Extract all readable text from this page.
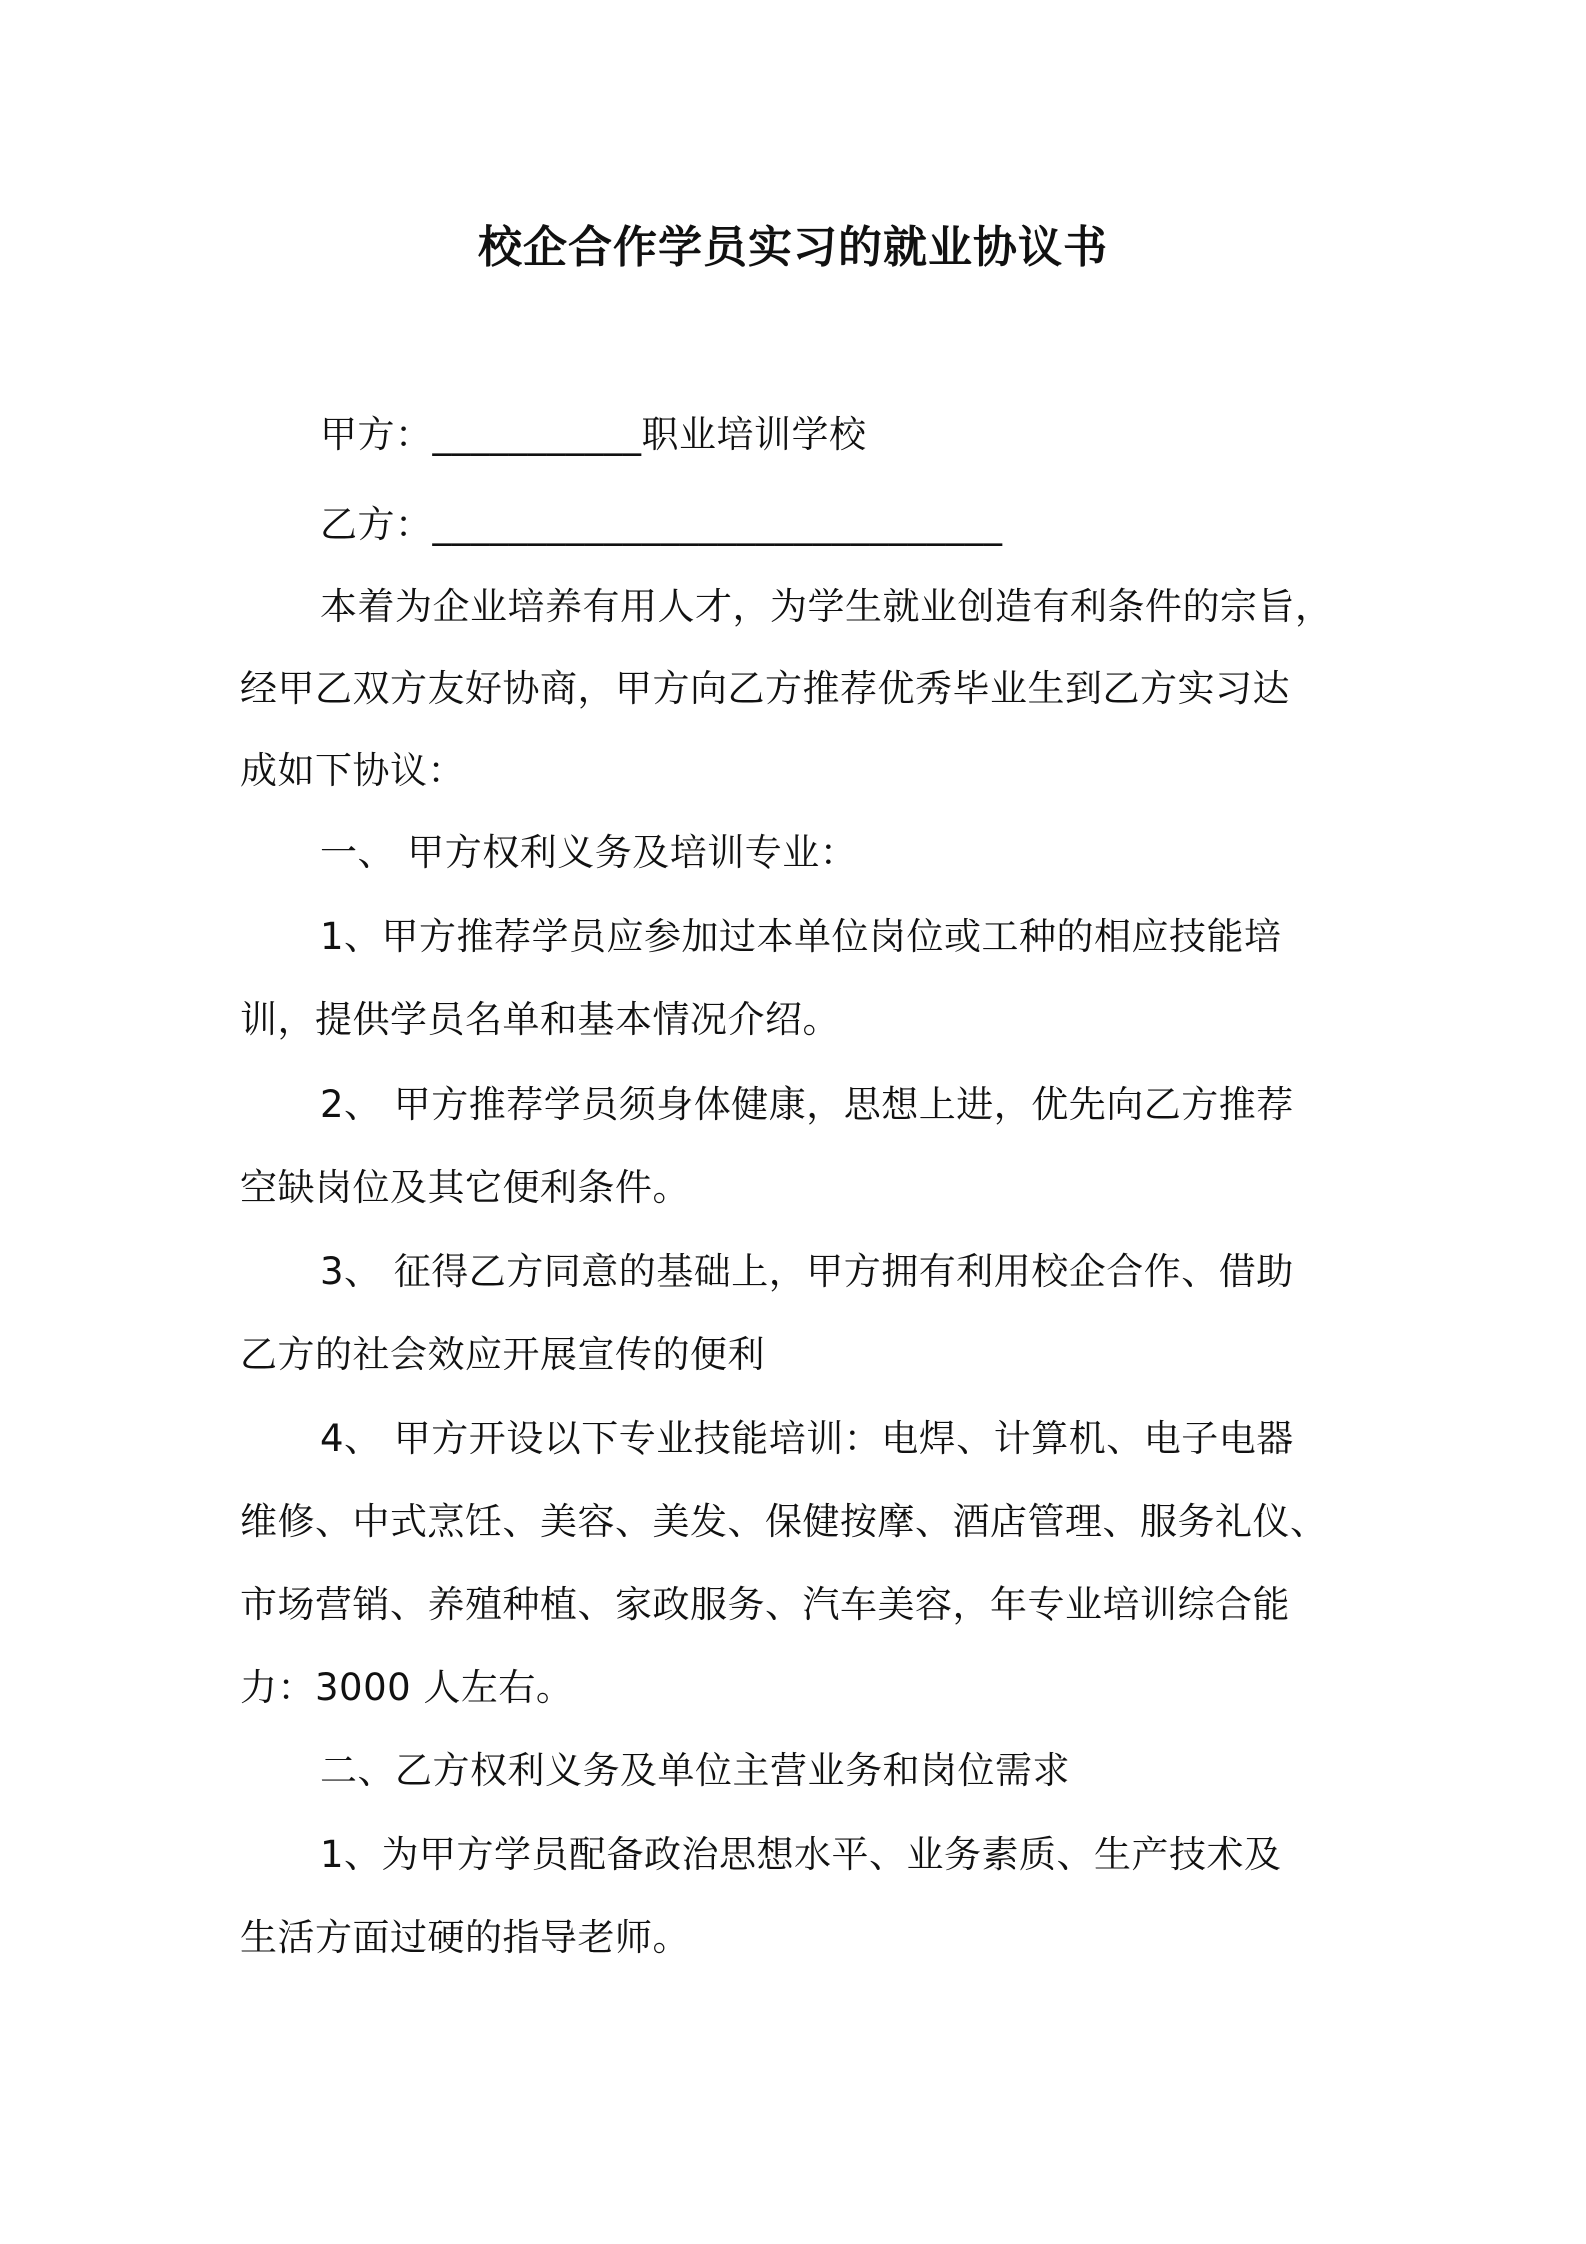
校企合作学员实习的就业协议书
甲方：___________职业培训学校
乙方：______________________________
本着为企业培养有用人才，为学生就业创造有利条件的宗旨，
经甲乙双方友好协商，甲方向乙方推荐优秀毕业生到乙方实习达
成如下协议：
一、 甲方权利义务及培训专业：
1、甲方推荐学员应参加过本单位岗位或工种的相应技能培
训，提供学员名单和基本情况介绍。
2、 甲方推荐学员须身体健康，思想上进，优先向乙方推荐
空缺岗位及其它便利条件。
3、 征得乙方同意的基础上，甲方拥有利用校企合作、借助
乙方的社会效应开展宣传的便利
4、 甲方开设以下专业技能培训：电焊、计算机、电子电器
维修、中式烹饪、美容、美发、保健按摩、酒店管理、服务礼仪、
市场营销、养殖种植、家政服务、汽车美容，年专业培训综合能
力：3000 人左右。
二、乙方权利义务及单位主营业务和岗位需求
1、为甲方学员配备政治思想水平、业务素质、生产技术及
生活方面过硬的指导老师。
